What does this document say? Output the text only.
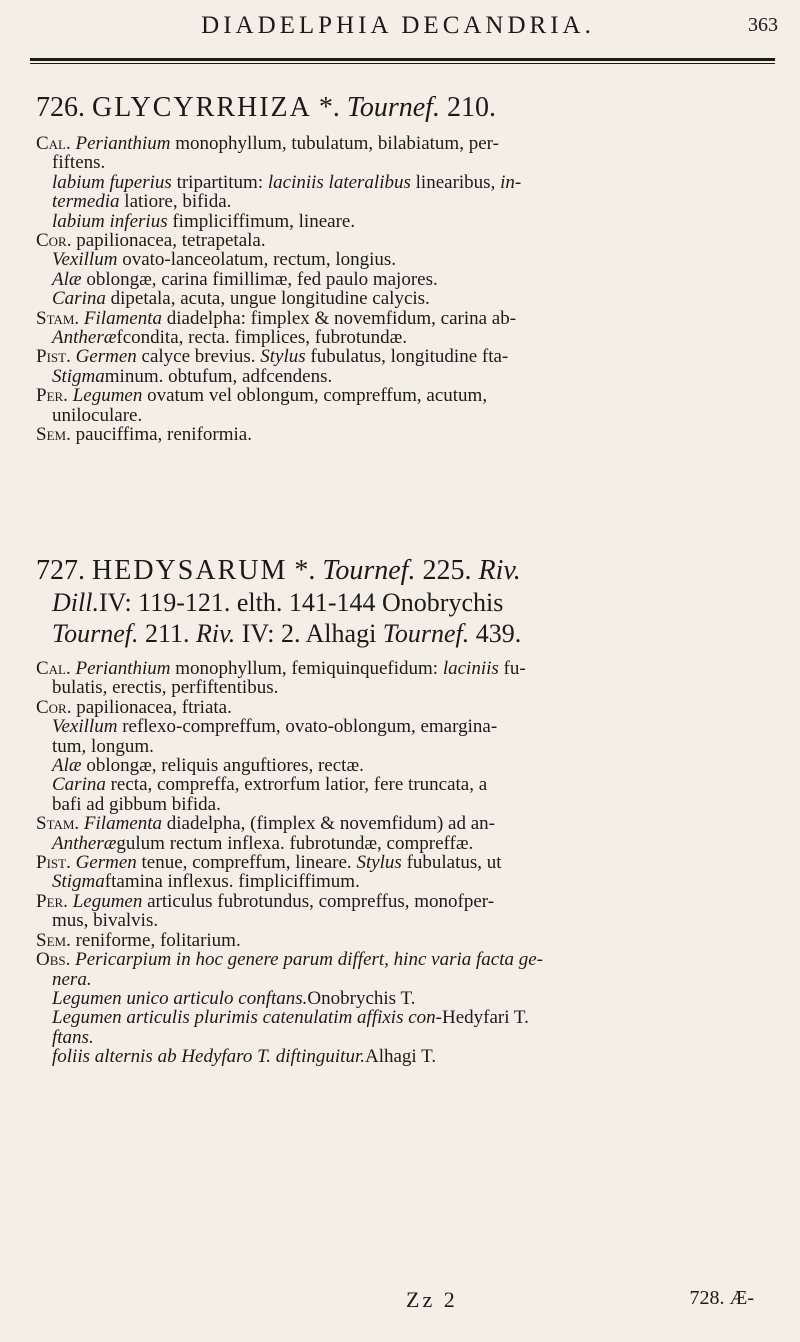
DIADELPHIA DECANDRIA.	363
726. GLYCYRRHIZA *. Tournef. 210.
Cal. Perianthium monophyllum, tubulatum, bilabiatum, per-
fiftens.
labium fuperius tripartitum: laciniis lateralibus linearibus, in-
termedia latiore, bifida.
labium inferius fimpliciffimum, lineare.
Cor. papilionacea, tetrapetala.
Vexillum ovato-lanceolatum, rectum, longius.
Alæ oblongæ, carina fimillimæ, fed paulo majores.
Carina dipetala, acuta, ungue longitudine calycis.
Stam. Filamenta diadelpha: fimplex & novemfidum, carina ab-
Antheræfcondita, recta. fimplices, fubrotundæ.
Pist. Germen calyce brevius. Stylus fubulatus, longitudine fta-
Stigmaminum. obtufum, adfcendens.
Per. Legumen ovatum vel oblongum, compreffum, acutum,
uniloculare.
Sem. pauciffima, reniformia.
727. HEDYSARUM *. Tournef. 225. Riv.
Dill.IV: 119-121. elth. 141-144 Onobrychis
Tournef. 211. Riv. IV: 2. Alhagi Tournef. 439.
Cal. Perianthium monophyllum, femiquinquefidum: laciniis fu-
bulatis, erectis, perfiftentibus.
Cor. papilionacea, ftriata.
Vexillum reflexo-compreffum, ovato-oblongum, emargina-
tum, longum.
Alæ oblongæ, reliquis anguftiores, rectæ.
Carina recta, compreffa, extrorfum latior, fere truncata, a
bafi ad gibbum bifida.
Stam. Filamenta diadelpha, (fimplex & novemfidum) ad an-
Antherægulum rectum inflexa. fubrotundæ, compreffæ.
Pist. Germen tenue, compreffum, lineare. Stylus fubulatus, ut
Stigmaftamina inflexus. fimpliciffimum.
Per. Legumen articulus fubrotundus, compreffus, monofper-
mus, bivalvis.
Sem. reniforme, folitarium.
Obs. Pericarpium in hoc genere parum differt, hinc varia facta ge-
nera.
Legumen unico articulo conftans.Onobrychis T.
Legumen articulis plurimis catenulatim affixis con-Hedyfari T.
ftans.
foliis alternis ab Hedyfaro T. diftinguitur.Alhagi T.
Zz 2	728. Æ-
